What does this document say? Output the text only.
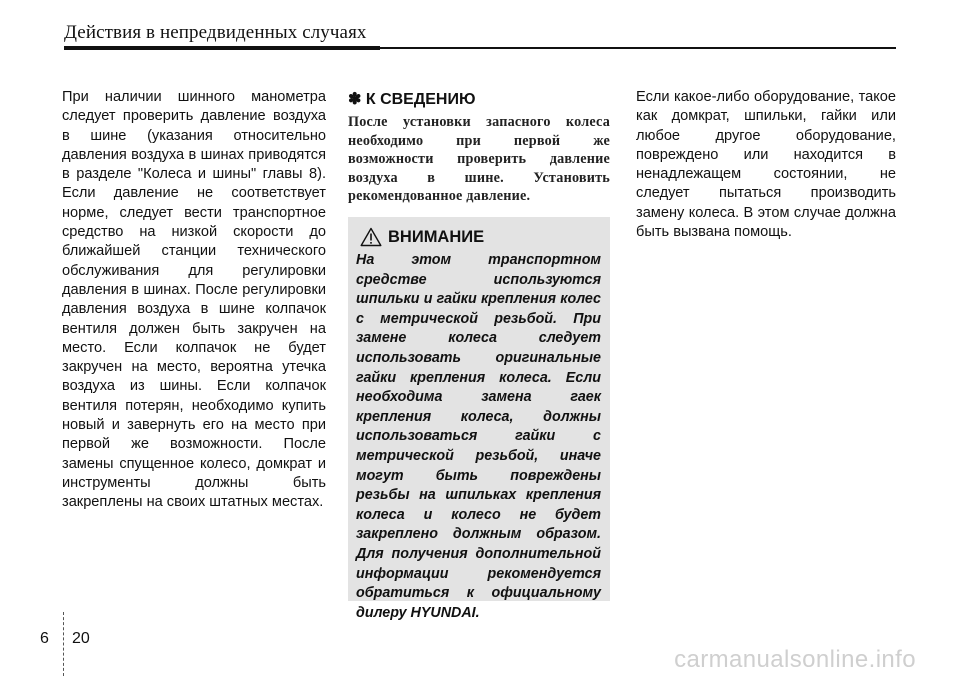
Действия в непредвиденных случаях
При наличии шинного манометра следует проверить давление воздуха в шине (указания относительно давления воздуха в шинах приводятся в разделе "Колеса и шины" главы 8). Если давление не соответствует норме, следует вести транспортное средство на низкой скорости до ближайшей станции технического обслуживания для регулировки давления в шинах. После регулировки давления воздуха в шине колпачок вентиля должен быть закручен на место. Если колпачок не будет закручен на место, вероятна утечка воздуха из шины. Если колпачок вентиля потерян, необходимо купить новый и завернуть его на место при первой же возможности. После замены спущенное колесо, домкрат и инструменты должны быть закреплены на своих штатных местах.
✽ К СВЕДЕНИЮ
После установки запасного колеса необходимо при первой же возможности проверить давление воздуха в шине. Установить рекомендованное давление.
ВНИМАНИЕ
На этом транспортном средстве используются шпильки и гайки крепления колес с метрической резьбой. При замене колеса следует использовать оригинальные гайки крепления колеса. Если необходима замена гаек крепления колеса, должны использоваться гайки с метрической резьбой, иначе могут быть повреждены резьбы на шпильках крепления колеса и колесо не будет закреплено должным образом. Для получения дополнительной информации рекомендуется обратиться к официальному дилеру HYUNDAI.
Если какое-либо оборудование, такое как домкрат, шпильки, гайки или любое другое оборудование, повреждено или находится в ненадлежащем состоянии, не следует пытаться производить замену колеса. В этом случае должна быть вызвана помощь.
6 20
carmanualsonline.info
